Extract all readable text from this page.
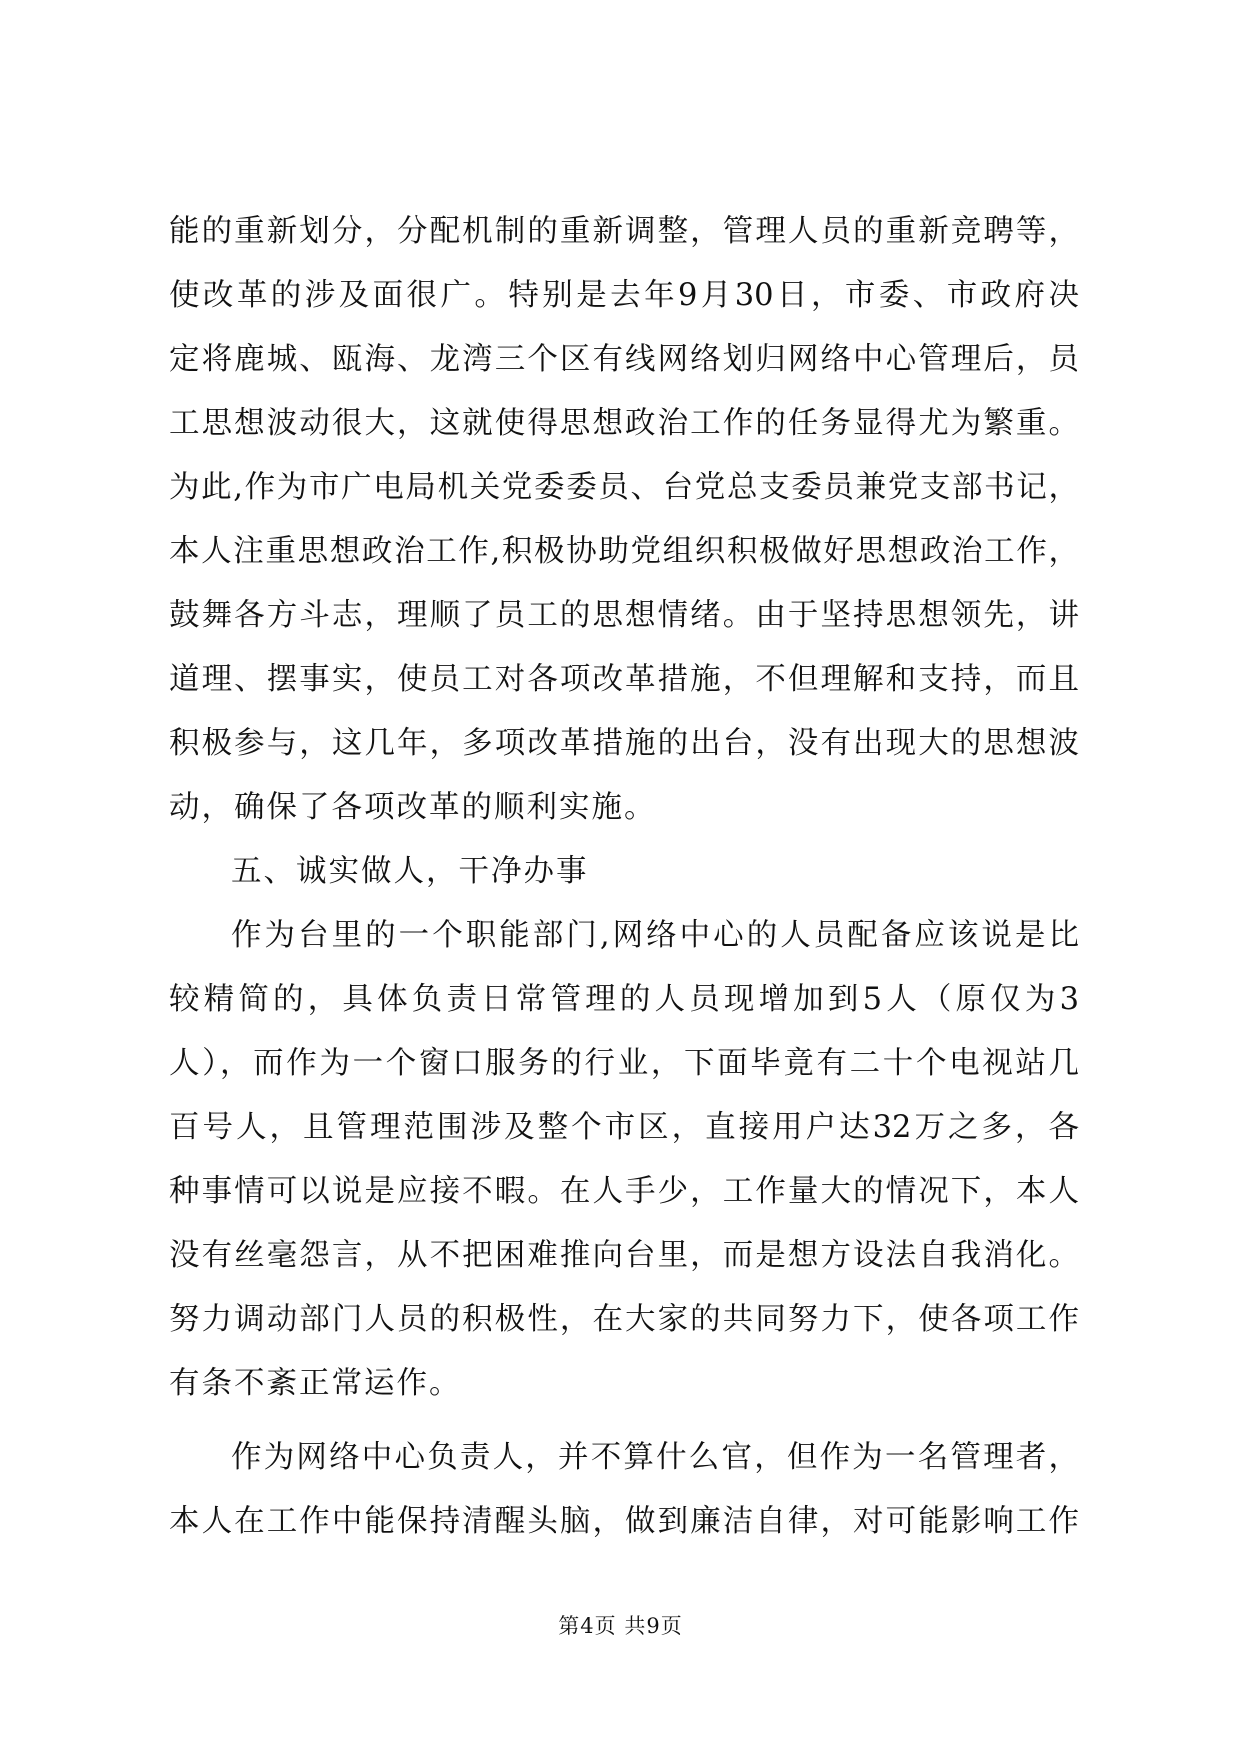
能的重新划分，分配机制的重新调整，管理人员的重新竞聘等，
使改革的涉及面很广。特别是去年9月30日，市委、市政府决
定将鹿城、瓯海、龙湾三个区有线网络划归网络中心管理后，员
工思想波动很大，这就使得思想政治工作的任务显得尤为繁重。
为此,作为市广电局机关党委委员、台党总支委员兼党支部书记，
本人注重思想政治工作,积极协助党组织积极做好思想政治工作，
鼓舞各方斗志，理顺了员工的思想情绪。由于坚持思想领先，讲
道理、摆事实，使员工对各项改革措施，不但理解和支持，而且
积极参与，这几年，多项改革措施的出台，没有出现大的思想波
动，确保了各项改革的顺利实施。
五、诚实做人，干净办事
作为台里的一个职能部门,网络中心的人员配备应该说是比
较精简的，具体负责日常管理的人员现增加到5人（原仅为3
人），而作为一个窗口服务的行业，下面毕竟有二十个电视站几
百号人，且管理范围涉及整个市区，直接用户达32万之多，各
种事情可以说是应接不暇。在人手少，工作量大的情况下，本人
没有丝毫怨言，从不把困难推向台里，而是想方设法自我消化。
努力调动部门人员的积极性，在大家的共同努力下，使各项工作
有条不紊正常运作。
作为网络中心负责人，并不算什么官，但作为一名管理者，
本人在工作中能保持清醒头脑，做到廉洁自律，对可能影响工作
第4页 共9页
